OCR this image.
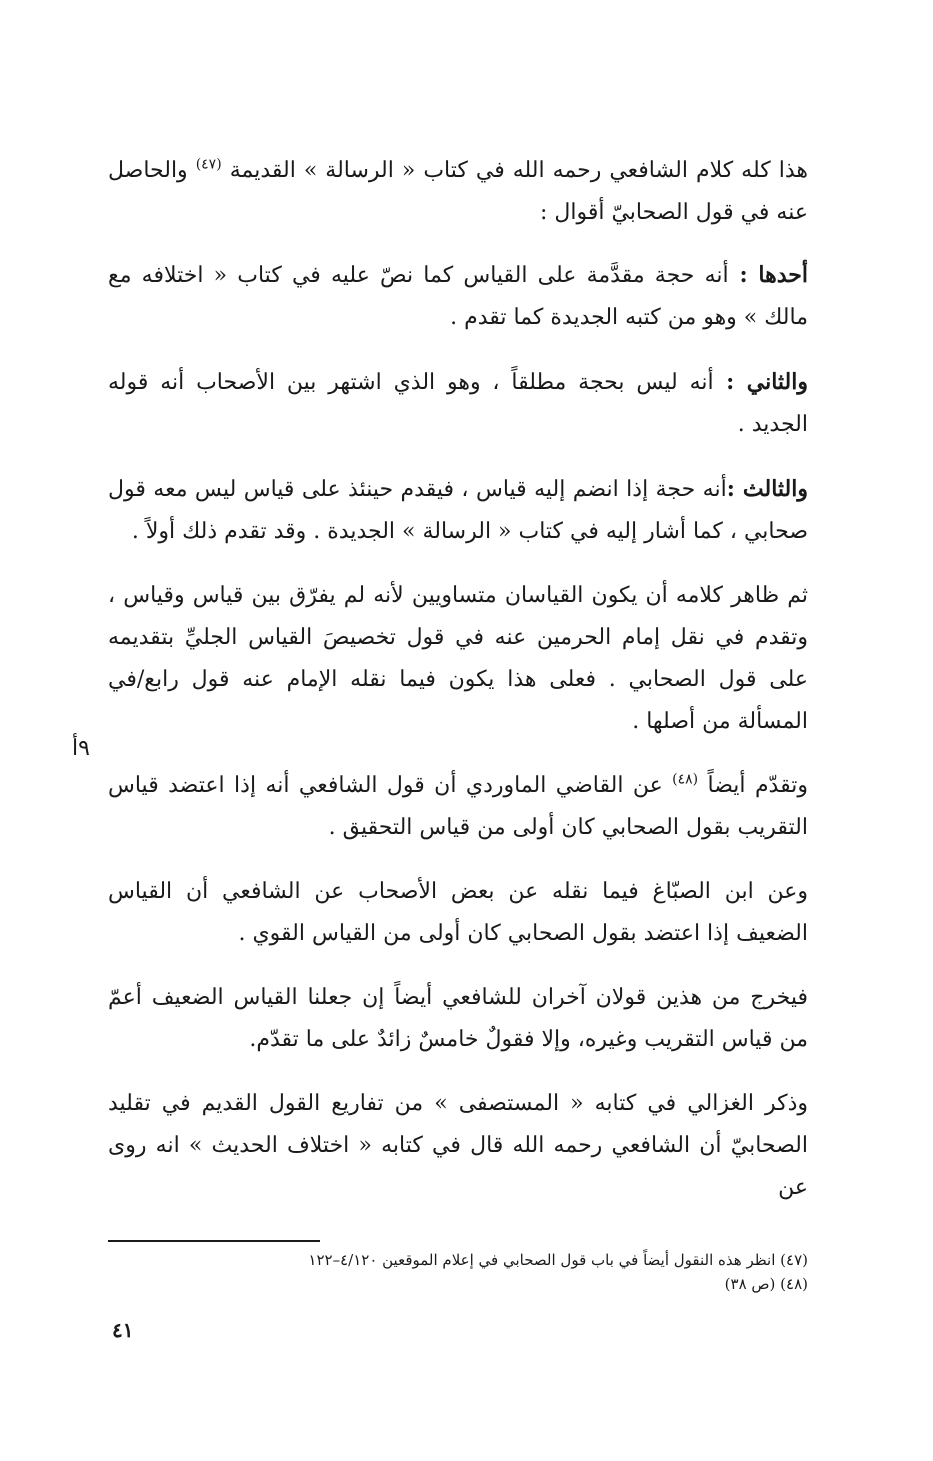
هذا كله كلام الشافعي رحمه الله في كتاب « الرسالة » القديمة $^{(٤٧)}$ والحاصل عنه في قول الصحابيّ أقوال :

أحدها : أنه حجة مقدَّمة على القياس كما نصّ عليه في كتاب « اختلافه مع مالك » وهو من كتبه الجديدة كما تقدم .

والثاني : أنه ليس بحجة مطلقاً ، وهو الذي اشتهر بين الأصحاب أنه قوله الجديد .

والثالث :أنه حجة إذا انضم إليه قياس ، فيقدم حينئذ على قياس ليس معه قول صحابي ، كما أشار إليه في كتاب « الرسالة » الجديدة . وقد تقدم ذلك أولاً .

ثم ظاهر كلامه أن يكون القياسان متساويين لأنه لم يفرّق بين قياس وقياس ، وتقدم في نقل إمام الحرمين عنه في قول تخصيصَ القياس الجليِّ بتقديمه على قول الصحابي . فعلى هذا يكون فيما نقله الإمام عنه قول رابع/في المسألة من أصلها .

وتقدّم أيضاً $^{(٤٨)}$ عن القاضي الماوردي أن قول الشافعي أنه إذا اعتضد قياس التقريب بقول الصحابي كان أولى من قياس التحقيق .

وعن ابن الصبّاغ فيما نقله عن بعض الأصحاب عن الشافعي أن القياس الضعيف إذا اعتضد بقول الصحابي كان أولى من القياس القوي .

فيخرج من هذين قولان آخران للشافعي أيضاً إن جعلنا القياس الضعيف أعمّ من قياس التقريب وغيره، وإلا فقولٌ خامسٌ زائدٌ على ما تقدّم.

وذكر الغزالي في كتابه « المستصفى » من تفاريع القول القديم في تقليد الصحابيّ أن الشافعي رحمه الله قال في كتابه « اختلاف الحديث » انه روى عن

٩أ

(٤٧) انظر هذه النقول أيضاً في باب قول الصحابي في إعلام الموقعين ٤/١٢٠–١٢٢

(٤٨) (ص ٣٨)

٤١
